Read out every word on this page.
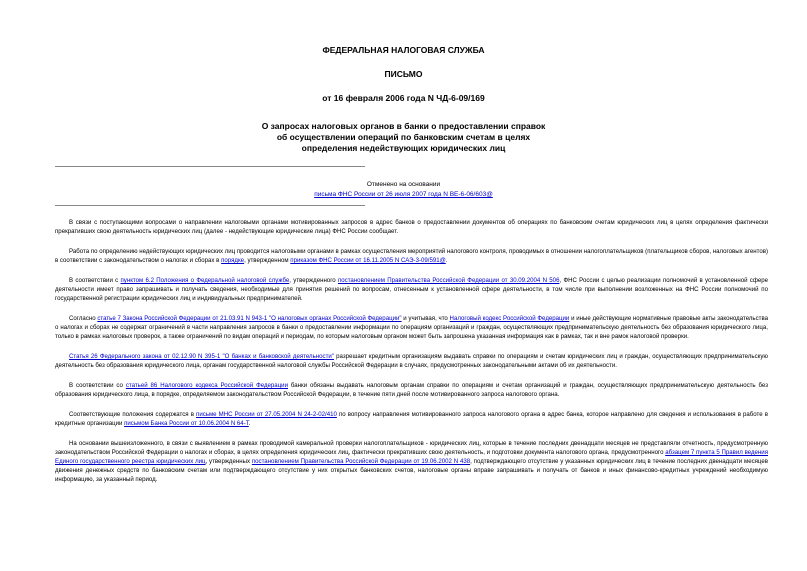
ФЕДЕРАЛЬНАЯ НАЛОГОВАЯ СЛУЖБА
ПИСЬМО
от 16 февраля 2006 года N ЧД-6-09/169
О запросах налоговых органов в банки о предоставлении справок
об осуществлении операций по банковским счетам в целях
определения недействующих юридических лиц
Отменено на основании
письма ФНС России от 26 июля 2007 года N ВЕ-6-06/603@

В связи с поступающими вопросами о направлении налоговыми органами мотивированных запросов в адрес банков о предоставлении документов об операциях по банковским счетам юридических лиц в целях определения фактически прекративших свою деятельность юридических лиц (далее - недействующие юридические лица) ФНС России сообщает.

Работа по определению недействующих юридических лиц проводится налоговыми органами в рамках осуществления мероприятий налогового контроля, проводимых в отношении налогоплательщиков (плательщиков сборов, налоговых агентов) в соответствии с законодательством о налогах и сборах в порядке, утвержденном приказом ФНС России от 16.11.2005 N САЭ-3-09/591@.

В соответствии с пунктом 6.2 Положения о Федеральной налоговой службе, утвержденного постановлением Правительства Российской Федерации от 30.09.2004 N 506, ФНС России с целью реализации полномочий в установленной сфере деятельности имеет право запрашивать и получать сведения, необходимые для принятия решений по вопросам, отнесенным к установленной сфере деятельности, в том числе при выполнении возложенных на ФНС России полномочий по государственной регистрации юридических лиц и индивидуальных предпринимателей.

Согласно статье 7 Закона Российской Федерации от 21.03.91 N 943-1 "О налоговых органах Российской Федерации" и учитывая, что Налоговый кодекс Российской Федерации и иные действующие нормативные правовые акты законодательства о налогах и сборах не содержат ограничений в части направления запросов в банки о предоставлении информации по операциям организаций и граждан, осуществляющих предпринимательскую деятельность без образования юридического лица, только в рамках налоговых проверок, а также ограничений по видам операций и периодам, по которым налоговым органом может быть запрошена указанная информация как в рамках, так и вне рамок налоговой проверки.

Статья 26 Федерального закона от 02.12.90 N 395-1 "О банках и банковской деятельности" разрешает кредитным организациям выдавать справки по операциям и счетам юридических лиц и граждан, осуществляющих предпринимательскую деятельность без образования юридического лица, органам государственной налоговой службы Российской Федерации в случаях, предусмотренных законодательными актами об их деятельности.

В соответствии со статьей 86 Налогового кодекса Российской Федерации банки обязаны выдавать налоговым органам справки по операциям и счетам организаций и граждан, осуществляющих предпринимательскую деятельность без образования юридического лица, в порядке, определяемом законодательством Российской Федерации, в течение пяти дней после мотивированного запроса налогового органа.

Соответствующие положения содержатся в письме МНС России от 27.05.2004 N 24-2-02/410 по вопросу направления мотивированного запроса налогового органа в адрес банка, которое направлено для сведения и использования в работе в кредитные организации письмом Банка России от 10.06.2004 N 64-Т.

На основании вышеизложенного, в связи с выявлением в рамках проводимой камеральной проверки налогоплательщиков - юридических лиц, которые в течение последних двенадцати месяцев не представляли отчетность, предусмотренную законодательством Российской Федерации о налогах и сборах, в целях определения юридических лиц, фактически прекративших свою деятельность, и подготовки документа налогового органа, предусмотренного абзацем 7 пункта 5 Правил ведения Единого государственного реестра юридических лиц, утвержденных постановлением Правительства Российской Федерации от 19.06.2002 N 438, подтверждающего отсутствие у указанных юридических лиц в течение последних двенадцати месяцев движения денежных средств по банковским счетам или подтверждающего отсутствие у них открытых банковских счетов, налоговые органы вправе запрашивать и получать от банков и иных финансово-кредитных учреждений необходимую информацию, за указанный период.
